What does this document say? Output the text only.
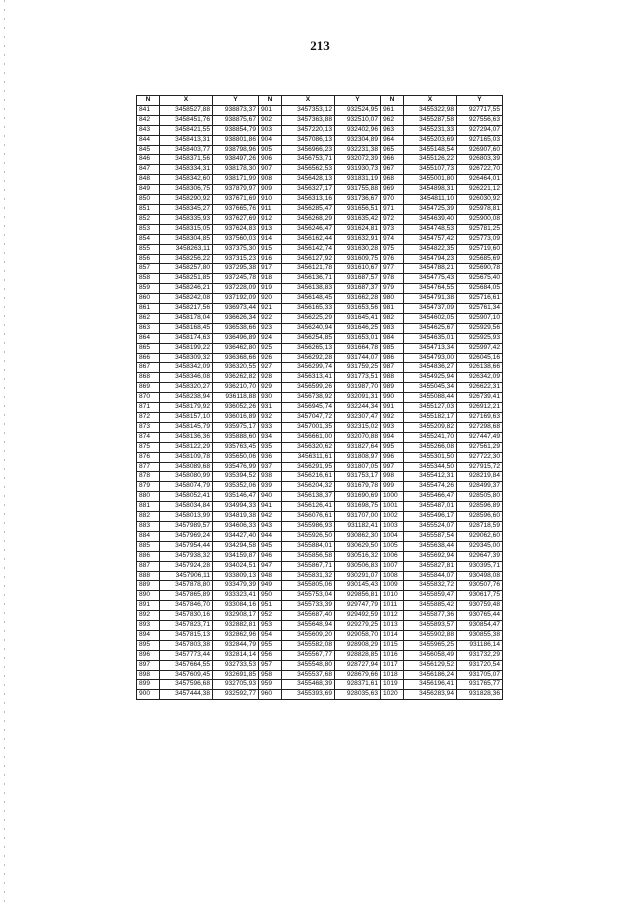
213
N	X	Y	N	X	Y	N	X	Y
841	3458527,88	938873,37	901	3457353,12	932524,95	961	3455322,98	927717,55
842	3458451,76	938875,67	902	3457363,88	932510,07	962	3455287,58	927556,63
843	3458421,55	938854,79	903	3457220,13	932402,96	963	3455231,33	927294,07
844	3458413,31	938801,86	904	3457086,13	932304,89	964	3455203,69	927165,03
845	3458403,77	938798,96	905	3456966,23	932231,38	965	3455148,54	926907,60
846	3458371,56	938497,26	906	3456753,71	932072,39	966	3455126,22	926803,39
847	3458334,31	938178,30	907	3456562,53	931930,73	967	3455107,73	926722,70
848	3458342,60	938171,99	908	3456428,13	931831,19	968	3455001,80	926464,01
849	3458306,75	937879,97	909	3456327,17	931755,88	969	3454898,31	926221,12
850	3458290,92	937671,69	910	3456313,16	931736,67	970	3454811,10	926030,92
851	3458345,27	937665,76	911	3456285,47	931656,51	971	3454725,39	925978,81
852	3458335,93	937627,69	912	3456268,29	931635,42	972	3454639,40	925900,08
853	3458315,05	937624,83	913	3456246,47	931624,81	973	3454748,53	925781,25
854	3458304,85	937560,03	914	3456162,44	931632,91	974	3454757,42	925773,09
855	3458263,11	937375,30	915	3456142,74	931630,28	975	3454822,35	925719,60
856	3458256,22	937315,23	916	3456127,92	931609,75	976	3454794,23	925685,69
857	3458257,80	937295,38	917	3456121,78	931610,67	977	3454788,21	925690,78
858	3458251,85	937245,78	918	3456136,71	931687,57	978	3454775,43	925675,40
859	3458246,21	937228,09	919	3456138,83	931687,37	979	3454764,55	925684,05
860	3458242,08	937192,09	920	3456148,45	931662,28	980	3454791,38	925716,61
861	3458217,56	936973,44	921	3456165,33	931653,56	981	3454737,09	925761,34
862	3458178,04	936626,34	922	3456225,29	931645,41	982	3454602,05	925907,10
863	3458168,45	936538,66	923	3456240,94	931646,25	983	3454625,67	925929,56
864	3458174,63	936496,89	924	3456254,85	931653,01	984	3454635,01	925925,93
865	3458199,22	936462,80	925	3456265,13	931664,78	985	3454713,34	925997,42
866	3458309,32	936368,66	926	3456292,28	931744,07	986	3454793,00	926045,16
867	3458342,09	936320,55	927	3456299,74	931759,25	987	3454836,27	926138,66
868	3458346,08	936262,82	928	3456313,41	931773,51	988	3454925,94	926342,09
869	3458320,27	936210,70	929	3456599,26	931987,70	989	3455045,34	926622,31
870	3458238,94	936118,88	930	3456738,92	932091,31	990	3455088,44	926739,41
871	3458179,92	936052,26	931	3456945,74	932244,34	991	3455127,03	926912,21
872	3458157,10	936016,89	932	3457047,72	932307,47	992	3455182,17	927169,63
873	3458145,79	935975,17	933	3457001,35	932315,02	993	3455209,82	927298,68
874	3458136,36	935888,60	934	3456661,00	932070,88	994	3455241,70	927447,49
875	3458122,29	935763,45	935	3456320,62	931827,64	995	3455266,08	927561,29
876	3458109,78	935650,06	936	3456311,61	931808,97	996	3455301,50	927722,30
877	3458089,68	935476,99	937	3456291,95	931807,05	997	3455344,50	927915,72
878	3458080,99	935394,52	938	3456216,61	931753,17	998	3455412,31	928219,84
879	3458074,79	935352,06	939	3456204,32	931679,78	999	3455474,26	928499,37
880	3458052,41	935146,47	940	3456138,37	931690,69	1000	3455466,47	928505,80
881	3458034,84	934994,33	941	3456126,41	931698,75	1001	3455487,01	928596,89
882	3458013,99	934819,38	942	3456076,61	931707,00	1002	3455496,17	928596,60
883	3457989,57	934606,33	943	3455986,93	931182,41	1003	3455524,07	928718,59
884	3457969,24	934427,40	944	3455926,50	930862,30	1004	3455587,54	929062,60
885	3457954,44	934294,58	945	3455884,01	930629,50	1005	3455638,44	929345,00
886	3457938,32	934159,87	946	3455856,58	930516,32	1006	3455692,94	929647,39
887	3457924,28	934024,51	947	3455867,71	930506,83	1007	3455827,81	930395,71
888	3457906,11	933809,13	948	3455831,32	930291,07	1008	3455844,07	930498,08
889	3457878,80	933479,39	949	3455805,06	930145,43	1009	3455832,72	930507,76
890	3457865,89	933323,41	950	3455753,04	929856,81	1010	3455859,47	930617,75
891	3457846,70	933084,16	951	3455733,39	929747,79	1011	3455885,42	930759,48
892	3457830,16	932908,17	952	3455687,40	929492,59	1012	3455877,36	930765,44
893	3457823,71	932882,81	953	3455648,94	929279,25	1013	3455893,57	930854,47
894	3457815,13	932862,96	954	3455609,20	929058,70	1014	3455902,88	930855,38
895	3457803,38	932844,79	955	3455582,08	928908,29	1015	3455965,25	931186,14
896	3457773,44	932814,14	956	3455567,77	928828,85	1016	3456058,49	931732,29
897	3457664,55	932733,53	957	3455548,80	928727,94	1017	3456129,52	931720,54
898	3457609,45	932691,85	958	3455537,68	928679,66	1018	3456186,24	931705,07
899	3457596,68	932705,93	959	3455468,39	928371,61	1019	3456196,41	931765,77
900	3457444,38	932592,77	960	3455393,69	928035,63	1020	3456283,94	931828,36
